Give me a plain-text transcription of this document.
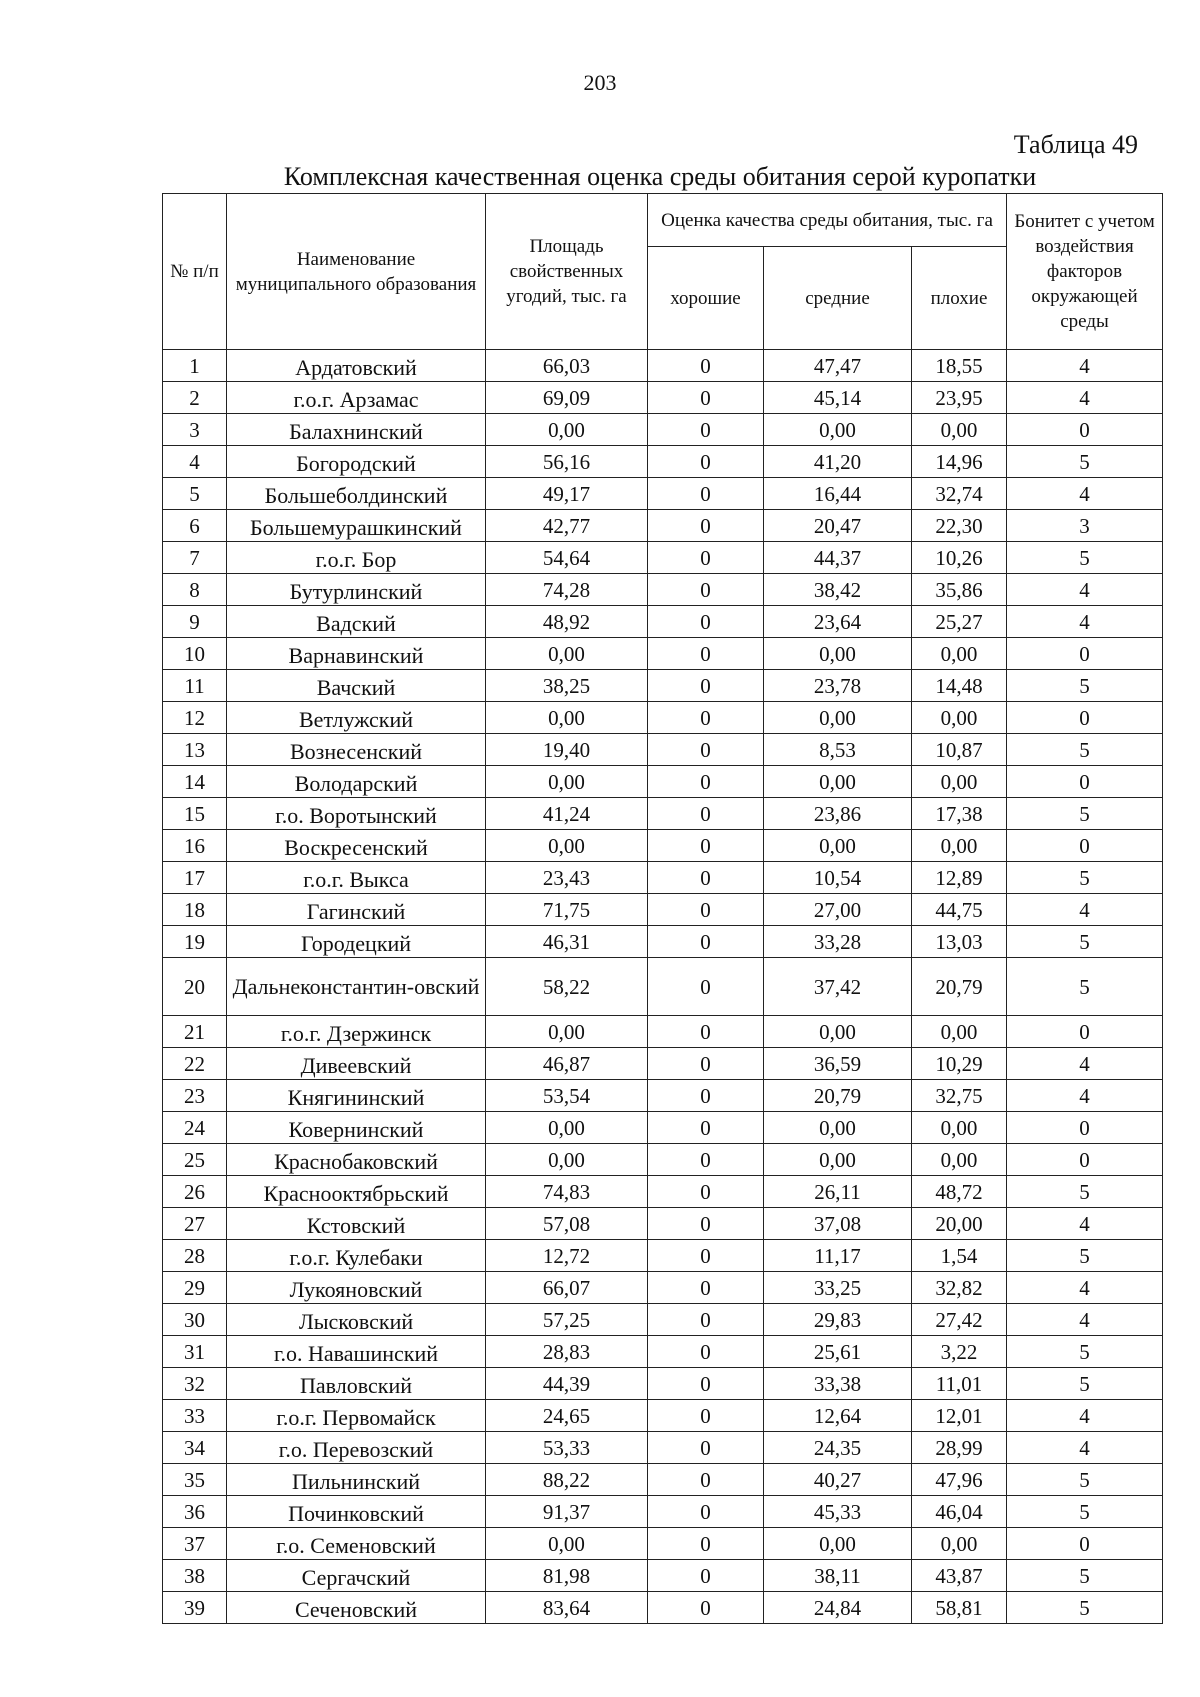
203
Таблица 49
Комплексная качественная оценка среды обитания серой куропатки
№ п/п	Наименование муниципального образования	Площадь свойственных угодий, тыс. га	Оценка качества среды обитания, тыс. га			Бонитет с учетом воздействия факторов окружающей среды
			хорошие	средние	плохие	
1	Ардатовский	66,03	0	47,47	18,55	4
2	г.о.г. Арзамас	69,09	0	45,14	23,95	4
3	Балахнинский	0,00	0	0,00	0,00	0
4	Богородский	56,16	0	41,20	14,96	5
5	Большеболдинский	49,17	0	16,44	32,74	4
6	Большемурашкинский	42,77	0	20,47	22,30	3
7	г.о.г. Бор	54,64	0	44,37	10,26	5
8	Бутурлинский	74,28	0	38,42	35,86	4
9	Вадский	48,92	0	23,64	25,27	4
10	Варнавинский	0,00	0	0,00	0,00	0
11	Вачский	38,25	0	23,78	14,48	5
12	Ветлужский	0,00	0	0,00	0,00	0
13	Вознесенский	19,40	0	8,53	10,87	5
14	Володарский	0,00	0	0,00	0,00	0
15	г.о. Воротынский	41,24	0	23,86	17,38	5
16	Воскресенский	0,00	0	0,00	0,00	0
17	г.о.г. Выкса	23,43	0	10,54	12,89	5
18	Гагинский	71,75	0	27,00	44,75	4
19	Городецкий	46,31	0	33,28	13,03	5
20	Дальнеконстантин-овский	58,22	0	37,42	20,79	5
21	г.о.г. Дзержинск	0,00	0	0,00	0,00	0
22	Дивеевский	46,87	0	36,59	10,29	4
23	Княгининский	53,54	0	20,79	32,75	4
24	Ковернинский	0,00	0	0,00	0,00	0
25	Краснобаковский	0,00	0	0,00	0,00	0
26	Краснооктябрьский	74,83	0	26,11	48,72	5
27	Кстовский	57,08	0	37,08	20,00	4
28	г.о.г. Кулебаки	12,72	0	11,17	1,54	5
29	Лукояновский	66,07	0	33,25	32,82	4
30	Лысковский	57,25	0	29,83	27,42	4
31	г.о. Навашинский	28,83	0	25,61	3,22	5
32	Павловский	44,39	0	33,38	11,01	5
33	г.о.г. Первомайск	24,65	0	12,64	12,01	4
34	г.о. Перевозский	53,33	0	24,35	28,99	4
35	Пильнинский	88,22	0	40,27	47,96	5
36	Починковский	91,37	0	45,33	46,04	5
37	г.о. Семеновский	0,00	0	0,00	0,00	0
38	Сергачский	81,98	0	38,11	43,87	5
39	Сеченовский	83,64	0	24,84	58,81	5
